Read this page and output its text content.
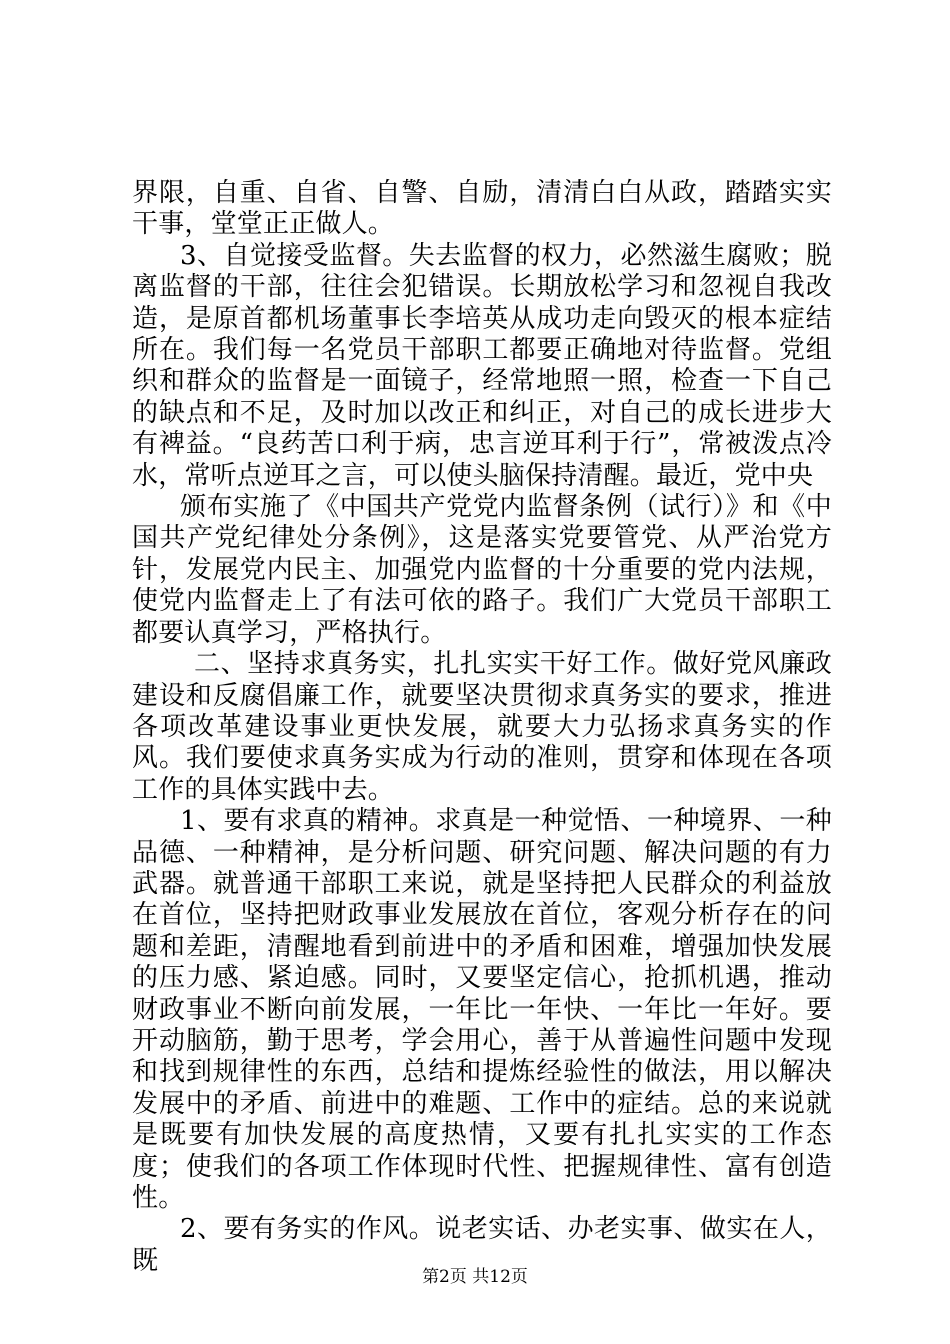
界限，自重、自省、自警、自励，清清白白从政，踏踏实实干事，堂堂正正做人。

3、自觉接受监督。失去监督的权力，必然滋生腐败；脱离监督的干部，往往会犯错误。长期放松学习和忽视自我改造，是原首都机场董事长李培英从成功走向毁灭的根本症结所在。我们每一名党员干部职工都要正确地对待监督。党组织和群众的监督是一面镜子，经常地照一照，检查一下自己的缺点和不足，及时加以改正和纠正，对自己的成长进步大有裨益。“良药苦口利于病，忠言逆耳利于行”，常被泼点冷水，常听点逆耳之言，可以使头脑保持清醒。最近，党中央

颁布实施了《中国共产党党内监督条例（试行）》和《中国共产党纪律处分条例》，这是落实党要管党、从严治党方针，发展党内民主、加强党内监督的十分重要的党内法规，使党内监督走上了有法可依的路子。我们广大党员干部职工都要认真学习，严格执行。

二、坚持求真务实，扎扎实实干好工作。做好党风廉政建设和反腐倡廉工作，就要坚决贯彻求真务实的要求，推进各项改革建设事业更快发展，就要大力弘扬求真务实的作风。我们要使求真务实成为行动的准则，贯穿和体现在各项工作的具体实践中去。

1、要有求真的精神。求真是一种觉悟、一种境界、一种品德、一种精神，是分析问题、研究问题、解决问题的有力武器。就普通干部职工来说，就是坚持把人民群众的利益放在首位，坚持把财政事业发展放在首位，客观分析存在的问题和差距，清醒地看到前进中的矛盾和困难，增强加快发展的压力感、紧迫感。同时，又要坚定信心，抢抓机遇，推动财政事业不断向前发展，一年比一年快、一年比一年好。要开动脑筋，勤于思考，学会用心，善于从普遍性问题中发现和找到规律性的东西，总结和提炼经验性的做法，用以解决发展中的矛盾、前进中的难题、工作中的症结。总的来说就是既要有加快发展的高度热情，又要有扎扎实实的工作态度；使我们的各项工作体现时代性、把握规律性、富有创造性。

2、要有务实的作风。说老实话、办老实事、做实在人，既

第2页 共12页
